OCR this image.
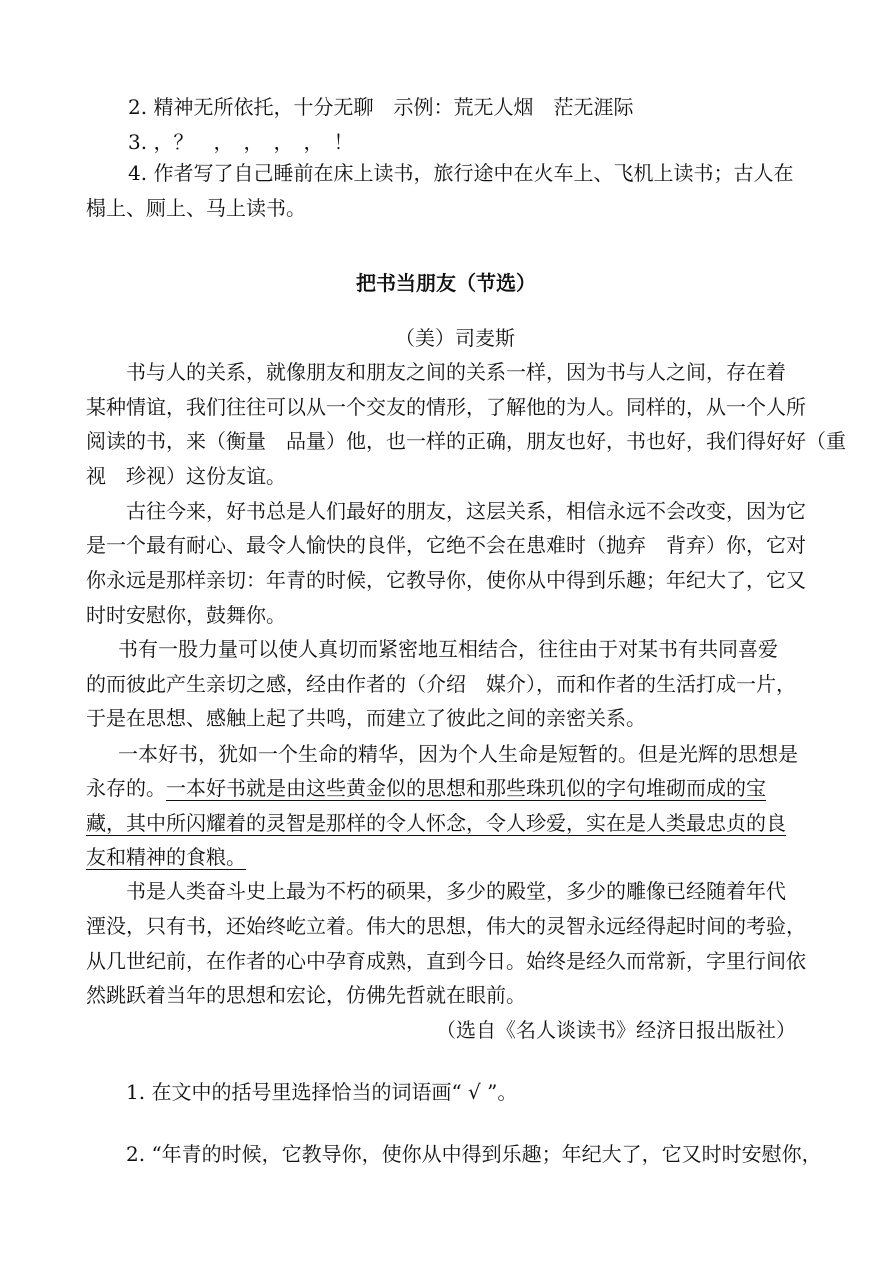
2. 精神无所依托，十分无聊　示例：荒无人烟　茫无涯际
3. ，？　，　，　，　，　！
4. 作者写了自己睡前在床上读书，旅行途中在火车上、飞机上读书；古人在
榻上、厕上、马上读书。
把书当朋友（节选）
（美）司麦斯
书与人的关系，就像朋友和朋友之间的关系一样，因为书与人之间，存在着
某种情谊，我们往往可以从一个交友的情形，了解他的为人。同样的，从一个人所
阅读的书，来（衡量　品量）他，也一样的正确，朋友也好，书也好，我们得好好（重
视　珍视）这份友谊。
古往今来，好书总是人们最好的朋友，这层关系，相信永远不会改变，因为它
是一个最有耐心、最令人愉快的良伴，它绝不会在患难时（抛弃　背弃）你，它对
你永远是那样亲切：年青的时候，它教导你，使你从中得到乐趣；年纪大了，它又
时时安慰你，鼓舞你。
书有一股力量可以使人真切而紧密地互相结合，往往由于对某书有共同喜爱
的而彼此产生亲切之感，经由作者的（介绍　媒介），而和作者的生活打成一片，
于是在思想、感触上起了共鸣，而建立了彼此之间的亲密关系。
一本好书，犹如一个生命的精华，因为个人生命是短暂的。但是光辉的思想是
永存的。一本好书就是由这些黄金似的思想和那些珠玑似的字句堆砌而成的宝
藏，其中所闪耀着的灵智是那样的令人怀念，令人珍爱，实在是人类最忠贞的良
友和精神的食粮。
书是人类奋斗史上最为不朽的硕果，多少的殿堂，多少的雕像已经随着年代
湮没，只有书，还始终屹立着。伟大的思想，伟大的灵智永远经得起时间的考验，
从几世纪前，在作者的心中孕育成熟，直到今日。始终是经久而常新，字里行间依
然跳跃着当年的思想和宏论，仿佛先哲就在眼前。
（选自《名人谈读书》经济日报出版社）
1. 在文中的括号里选择恰当的词语画“ √ ”。
2. “年青的时候，它教导你，使你从中得到乐趣；年纪大了，它又时时安慰你，
